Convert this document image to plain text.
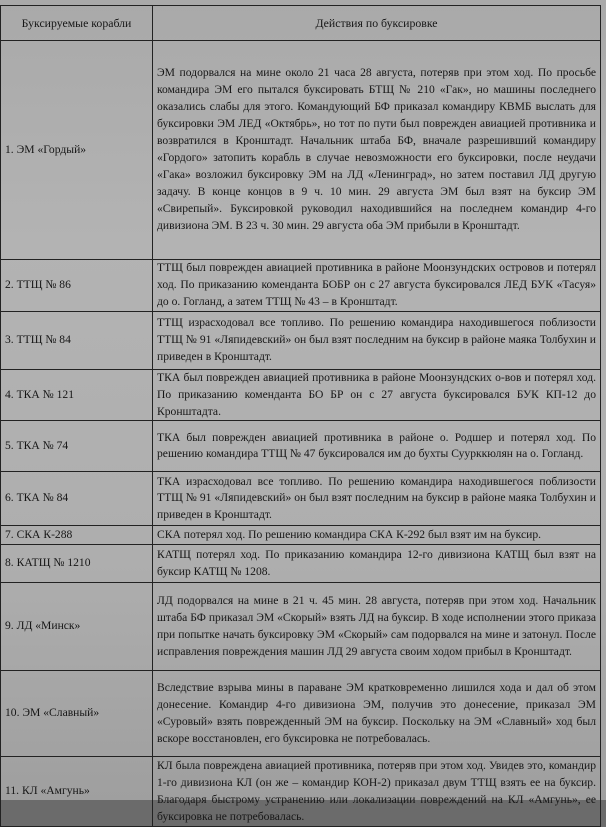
Буксируемые корабли	Действия по буксировке
1. ЭМ «Гордый»	ЭМ подорвался на мине около 21 часа 28 августа, потеряв при этом ход. По просьбе командира ЭМ его пытался буксировать БТЩ № 210 «Гак», но машины последнего оказались слабы для этого. Командующий БФ приказал командиру КВМБ выслать для буксировки ЭМ ЛЕД «Октябрь», но тот по пути был поврежден авиацией противника и возвратился в Кронштадт. Начальник штаба БФ, вначале разрешивший командиру «Гордого» затопить корабль в случае невозможности его буксировки, после неудачи «Гака» возложил буксировку ЭМ на ЛД «Ленинград», но затем поставил ЛД другую задачу. В конце концов в 9 ч. 10 мин. 29 августа ЭМ был взят на буксир ЭМ «Свирепый». Буксировкой руководил находившийся на последнем командир 4-го дивизиона ЭМ. В 23 ч. 30 мин. 29 августа оба ЭМ прибыли в Кронштадт.
2. ТТЩ № 86	ТТЩ был поврежден авиацией противника в районе Моонзундских островов и потерял ход. По приказанию коменданта БОБР он с 27 августа буксировался ЛЕД БУК «Тасуя» до о. Гогланд, а затем ТТЩ № 43 – в Кронштадт.
3. ТТЩ № 84	ТТЩ израсходовал все топливо. По решению командира находившегося поблизости ТТЩ № 91 «Ляпидевский» он был взят последним на буксир в районе маяка Толбухин и приведен в Кронштадт.
4. ТКА № 121	ТКА был поврежден авиацией противника в районе Моонзундских о-вов и потерял ход. По приказанию коменданта БО БР он с 27 августа буксировался БУК КП-12 до Кронштадта.
5. ТКА № 74	ТКА был поврежден авиацией противника в районе о. Родшер и потерял ход. По решению командира ТТЩ № 47 буксировался им до бухты Суурккюлян на о. Гогланд.
6. ТКА № 84	ТКА израсходовал все топливо. По решению командира находившегося поблизости ТТЩ № 91 «Ляпидевский» он был взят последним на буксир в районе маяка Толбухин и приведен в Кронштадт.
7. СКА К-288	СКА потерял ход. По решению командира СКА К-292 был взят им на буксир.
8. КАТЩ № 1210	КАТЩ потерял ход. По приказанию командира 12-го дивизиона КАТЩ был взят на буксир КАТЩ № 1208.
9. ЛД «Минск»	ЛД подорвался на мине в 21 ч. 45 мин. 28 августа, потеряв при этом ход. Начальник штаба БФ приказал ЭМ «Скорый» взять ЛД на буксир. В ходе исполнении этого приказа при попытке начать буксировку ЭМ «Скорый» сам подорвался на мине и затонул. После исправления повреждения машин ЛД 29 августа своим ходом прибыл в Кронштадт.
10. ЭМ «Славный»	Вследствие взрыва мины в параване ЭМ кратковременно лишился хода и дал об этом донесение. Командир 4-го дивизиона ЭМ, получив это донесение, приказал ЭМ «Суровый» взять поврежденный ЭМ на буксир. Поскольку на ЭМ «Славный» ход был вскоре восстановлен, его буксировка не потребовалась.
11. КЛ «Амгунь»	КЛ была повреждена авиацией противника, потеряв при этом ход. Увидев это, командир 1-го дивизиона КЛ (он же – командир КОН-2) приказал двум ТТЩ взять ее на буксир. Благодаря быстрому устранению или локализации повреждений на КЛ «Амгунь», ее буксировка не потребовалась.
